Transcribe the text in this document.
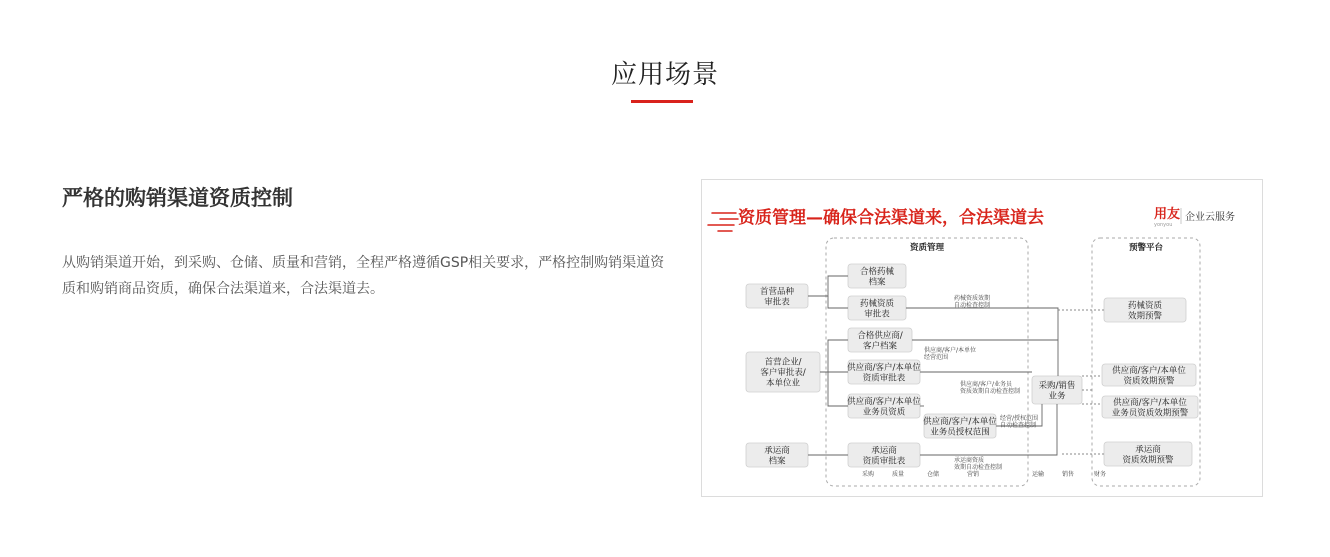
应用场景
严格的购销渠道资质控制
从购销渠道开始，到采购、仓储、质量和营销，全程严格遵循GSP相关要求，严格控制购销渠道资质和购销商品资质，确保合法渠道来，合法渠道去。
资质管理—确保合法渠道来，合法渠道去	用友
yonyou
企业云服务
资质管理	预警平台
首营品种
审批表
首营企业/
客户审批表/
本单位业
承运商
档案
合格药械
档案
药械资质
审批表
合格供应商/
客户档案
供应商/客户/本单位
资质审批表
供应商/客户/本单位
业务员资质
供应商/客户/本单位
业务员授权范围
承运商
资质审批表
采购/销售
业务
药械资质
效期预警
供应商/客户/本单位
资质效期预警
供应商/客户/本单位
业务员资质效期预警
承运商
资质效期预警
药械资质效期
自动检查控制
供应商/客户/本单位
经营范围
供应商/客户/业务员
资质效期自动检查控制
经营/授权范围
自动检查控制
承运商资质
效期自动检查控制
采购	质量	仓储	营销	运输	销售	财务
